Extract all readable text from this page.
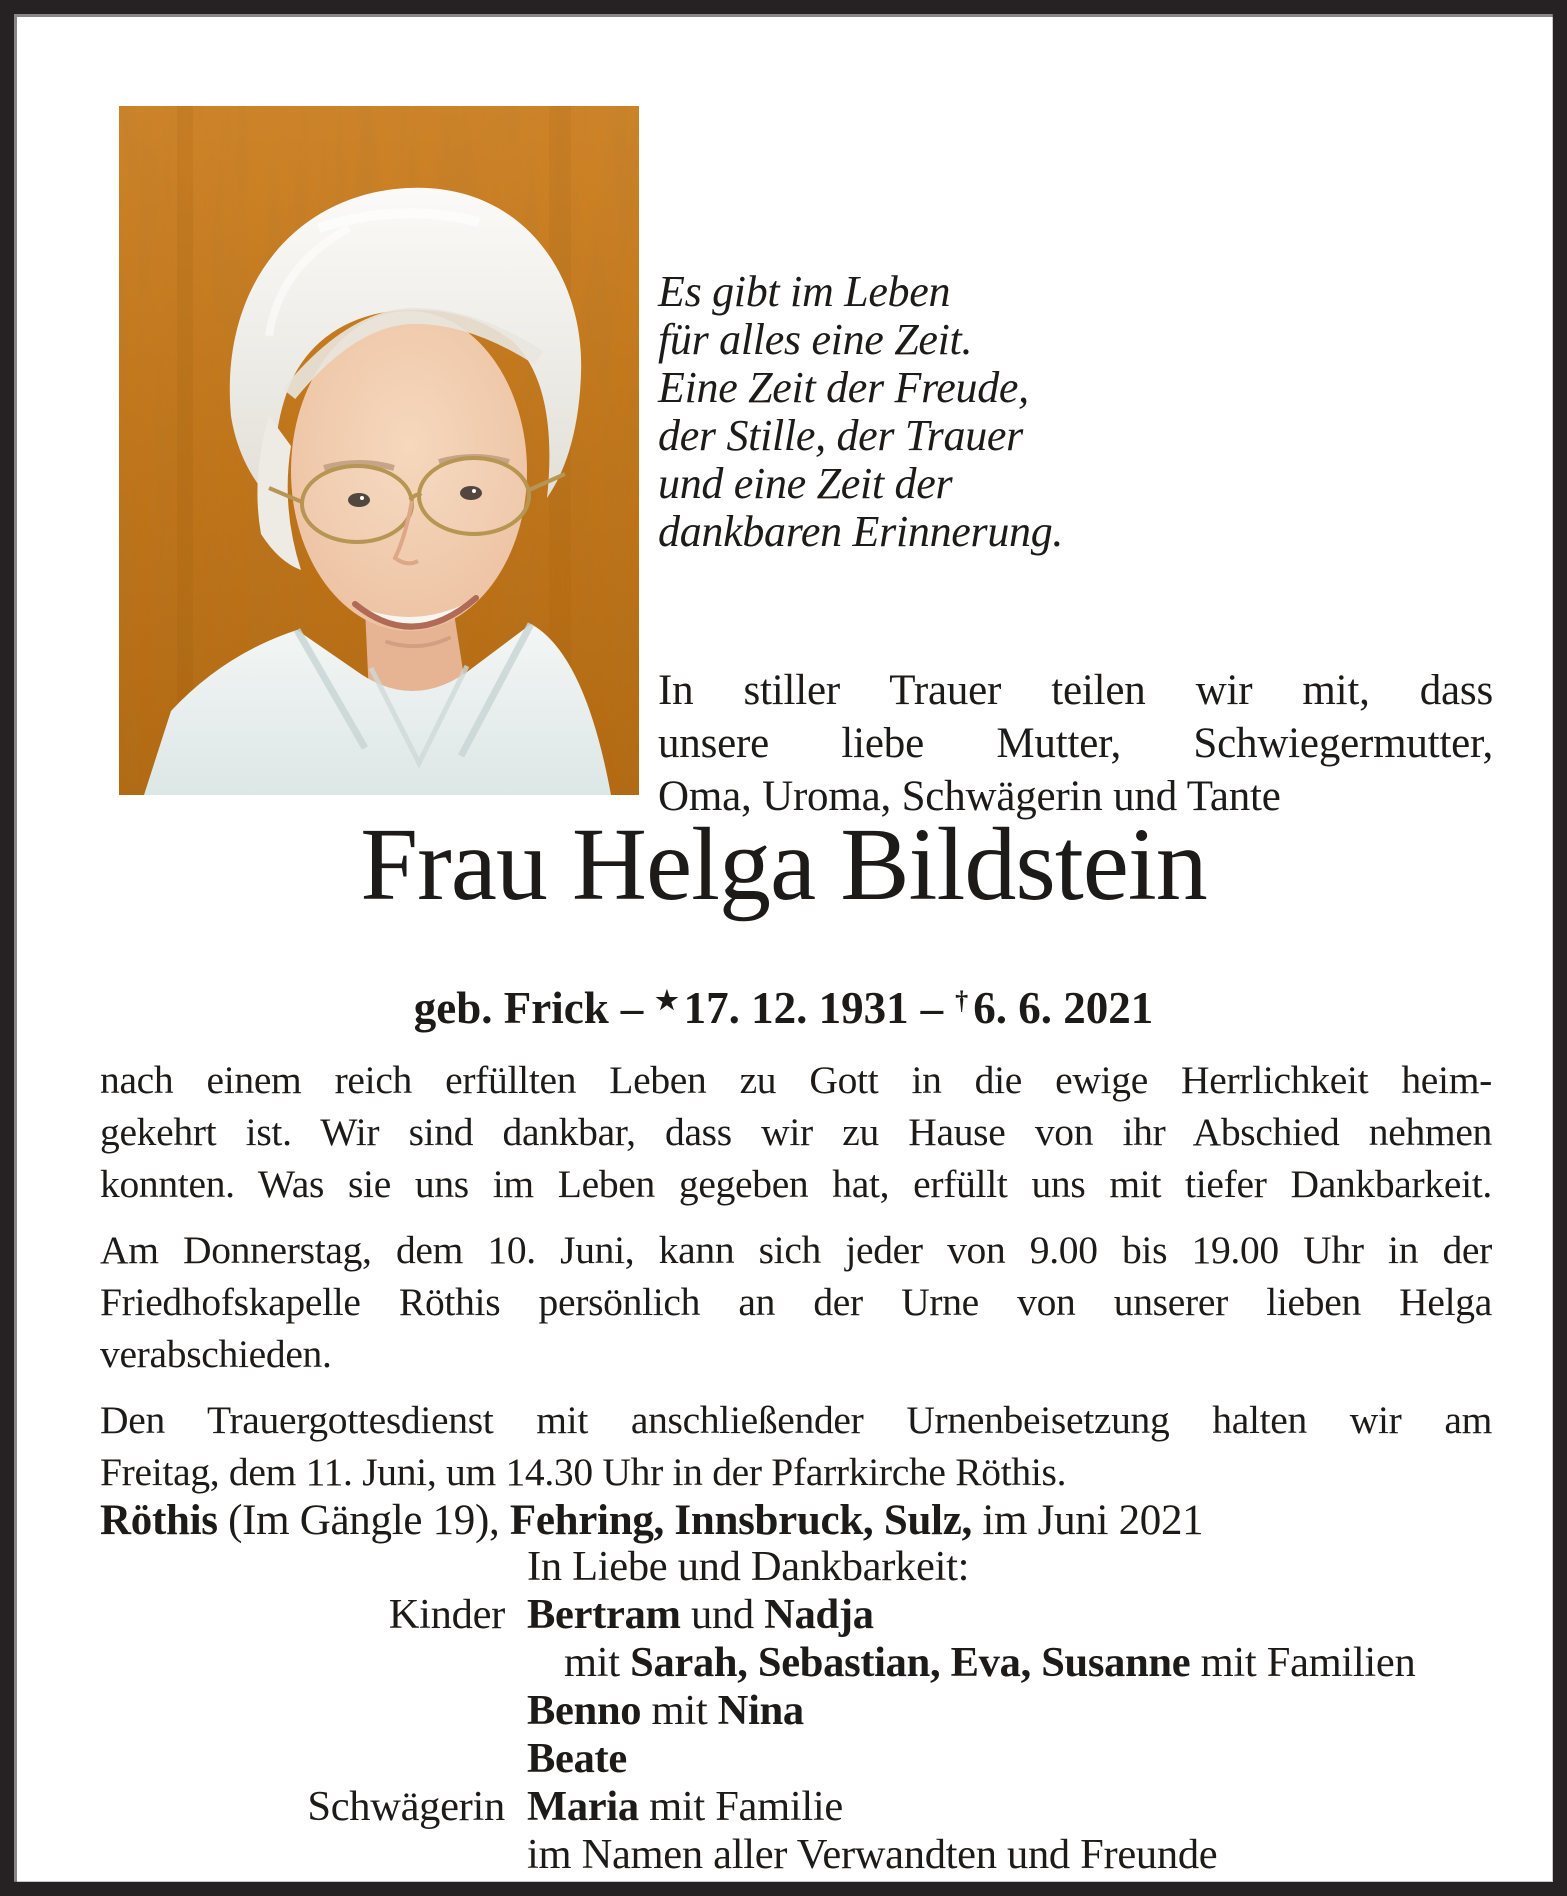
Es gibt im Leben
für alles eine Zeit.
Eine Zeit der Freude,
der Stille, der Trauer
und eine Zeit der
dankbaren Erinnerung.
In stiller Trauer teilen wir mit, dass
unsere liebe Mutter, Schwiegermutter,
Oma, Uroma, Schwägerin und Tante
Frau Helga Bildstein
geb. Frick – ★ 17. 12. 1931 – † 6. 6. 2021
nach einem reich erfüllten Leben zu Gott in die ewige Herrlichkeit heim-
gekehrt ist. Wir sind dankbar, dass wir zu Hause von ihr Abschied nehmen
konnten. Was sie uns im Leben gegeben hat, erfüllt uns mit tiefer Dankbarkeit.
Am Donnerstag, dem 10. Juni, kann sich jeder von 9.00 bis 19.00 Uhr in der
Friedhofskapelle Röthis persönlich an der Urne von unserer lieben Helga
verabschieden.
Den Trauergottesdienst mit anschließender Urnenbeisetzung halten wir am
Freitag, dem 11. Juni, um 14.30 Uhr in der Pfarrkirche Röthis.
Röthis (Im Gängle 19), Fehring, Innsbruck, Sulz, im Juni 2021
In Liebe und Dankbarkeit:
Kinder Bertram und Nadja
mit Sarah, Sebastian, Eva, Susanne mit Familien
Benno mit Nina
Beate
Schwägerin Maria mit Familie
im Namen aller Verwandten und Freunde
